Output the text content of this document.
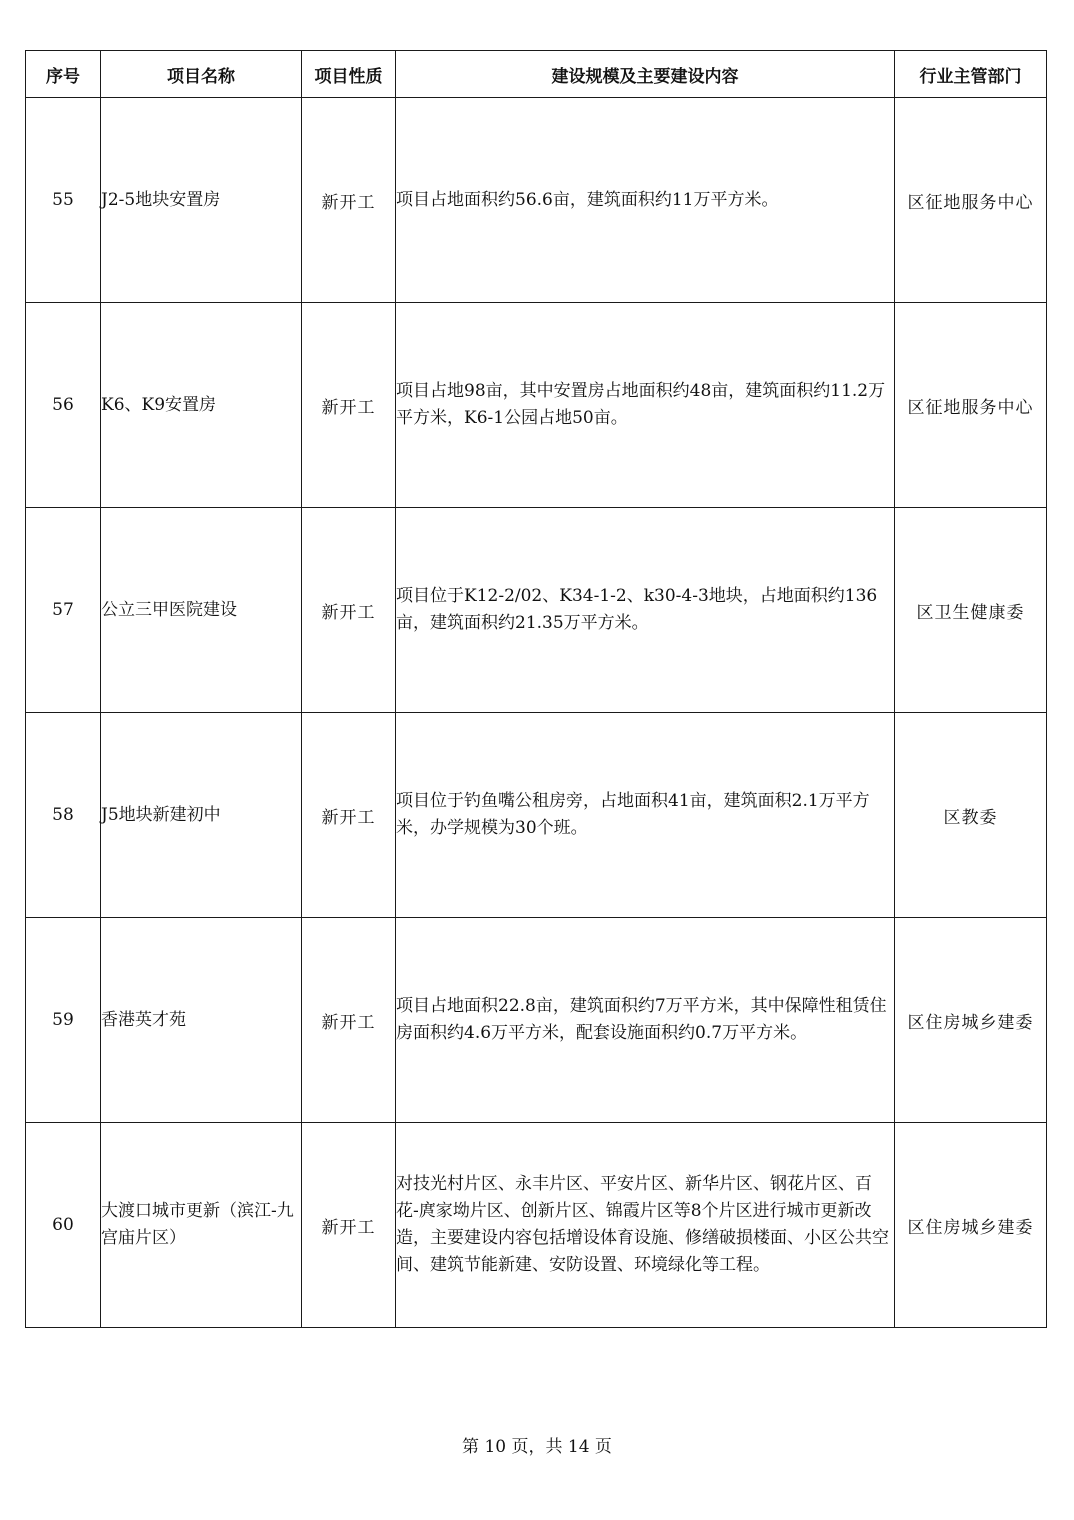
序号	项目名称	项目性质	建设规模及主要建设内容	行业主管部门
55	J2-5地块安置房	新开工	项目占地面积约56.6亩，建筑面积约11万平方米。	区征地服务中心
56	K6、K9安置房	新开工	项目占地98亩，其中安置房占地面积约48亩，建筑面积约11.2万平方米，K6-1公园占地50亩。	区征地服务中心
57	公立三甲医院建设	新开工	项目位于K12-2/02、K34-1-2、k30-4-3地块，占地面积约136亩，建筑面积约21.35万平方米。	区卫生健康委
58	J5地块新建初中	新开工	项目位于钓鱼嘴公租房旁，占地面积41亩，建筑面积2.1万平方米，办学规模为30个班。	区教委
59	香港英才苑	新开工	项目占地面积22.8亩，建筑面积约7万平方米，其中保障性租赁住房面积约4.6万平方米，配套设施面积约0.7万平方米。	区住房城乡建委
60	大渡口城市更新（滨江-九宫庙片区）	新开工	对技光村片区、永丰片区、平安片区、新华片区、钢花片区、百花-庹家坳片区、创新片区、锦霞片区等8个片区进行城市更新改造，主要建设内容包括增设体育设施、修缮破损楼面、小区公共空间、建筑节能新建、安防设置、环境绿化等工程。	区住房城乡建委
第 10 页，共 14 页
